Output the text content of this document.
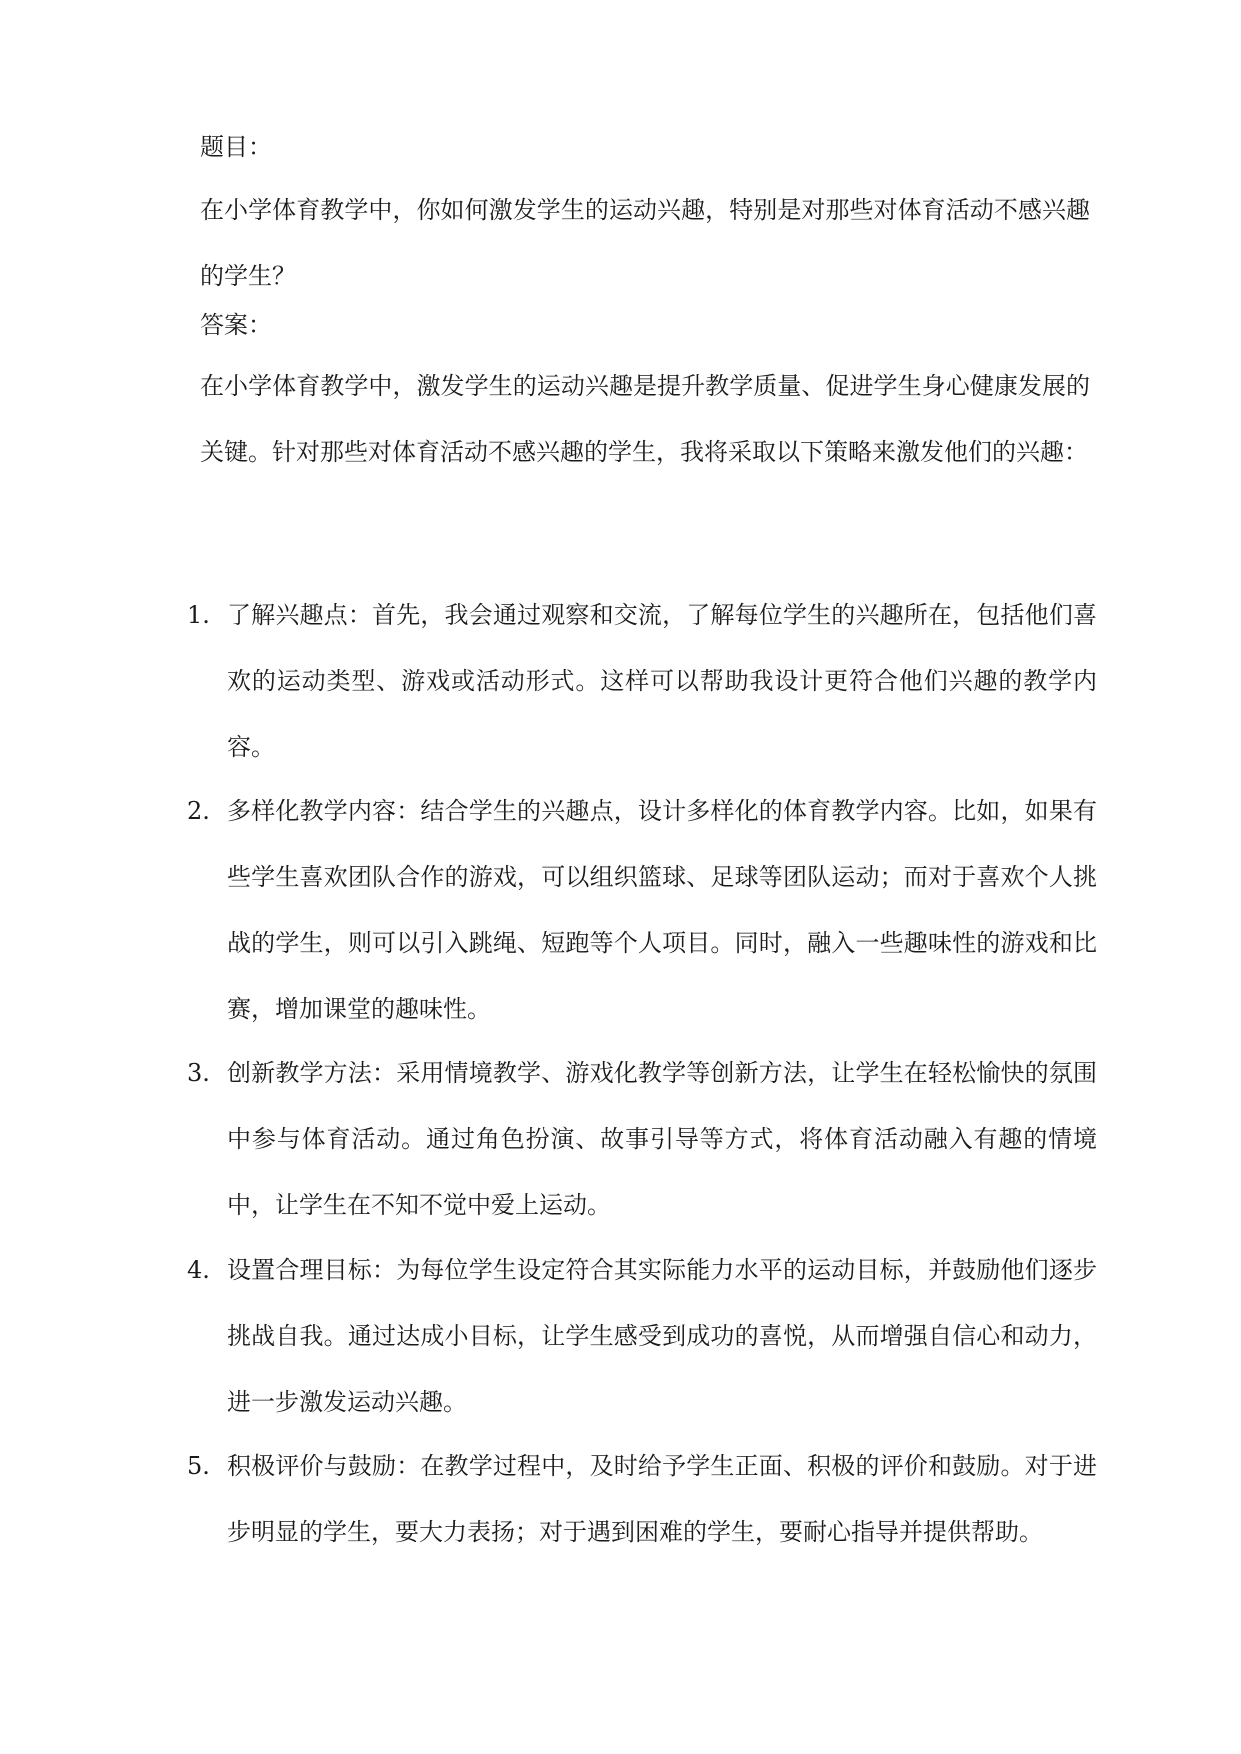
题目：

在小学体育教学中，你如何激发学生的运动兴趣，特别是对那些对体育活动不感兴趣的学生？

答案：

在小学体育教学中，激发学生的运动兴趣是提升教学质量、促进学生身心健康发展的关键。针对那些对体育活动不感兴趣的学生，我将采取以下策略来激发他们的兴趣：

1. 了解兴趣点：首先，我会通过观察和交流，了解每位学生的兴趣所在，包括他们喜欢的运动类型、游戏或活动形式。这样可以帮助我设计更符合他们兴趣的教学内容。

2. 多样化教学内容：结合学生的兴趣点，设计多样化的体育教学内容。比如，如果有些学生喜欢团队合作的游戏，可以组织篮球、足球等团队运动；而对于喜欢个人挑战的学生，则可以引入跳绳、短跑等个人项目。同时，融入一些趣味性的游戏和比赛，增加课堂的趣味性。

3. 创新教学方法：采用情境教学、游戏化教学等创新方法，让学生在轻松愉快的氛围中参与体育活动。通过角色扮演、故事引导等方式，将体育活动融入有趣的情境中，让学生在不知不觉中爱上运动。

4. 设置合理目标：为每位学生设定符合其实际能力水平的运动目标，并鼓励他们逐步挑战自我。通过达成小目标，让学生感受到成功的喜悦，从而增强自信心和动力，进一步激发运动兴趣。

5. 积极评价与鼓励：在教学过程中，及时给予学生正面、积极的评价和鼓励。对于进步明显的学生，要大力表扬；对于遇到困难的学生，要耐心指导并提供帮助。
